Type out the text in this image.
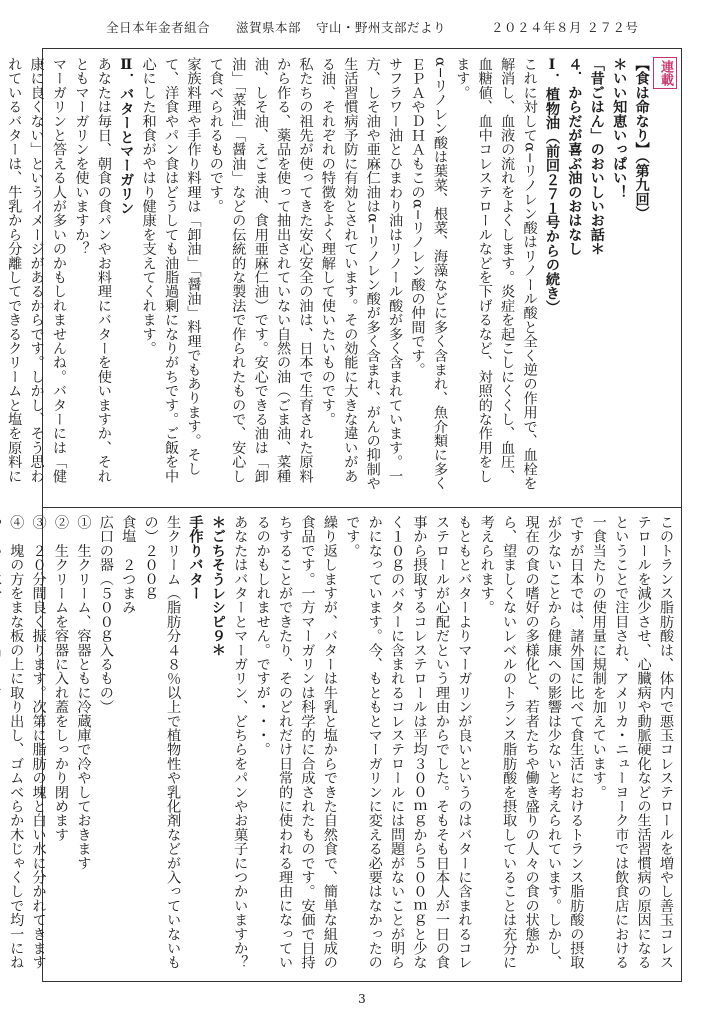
全日本年金者組合 滋賀県本部 守山・野州支部だより	２０２４年８月 ２７２号

連載

【食は命なり】（第九回）

＊いい知恵いっぱい！

「昔ごはん」のおいしいお話＊

４．からだが喜ぶ油のおはなし

Ⅰ．植物油（前回２７１号からの続き）

これに対してα−リノレン酸はリノール酸と全く逆の作用で、血栓を解消し、血液の流れをよくします。炎症を起こしにくくし、血圧、血糖値、血中コレステロールなどを下げるなど、対照的な作用をします。

α−リノレン酸は葉菜、根菜、海藻などに多く含まれ、魚介類に多くＥＰＡやＤＨＡもこのα−リノレン酸の仲間です。

サフラワー油とひまわり油はリノール酸が多く含まれています。一方、しそ油や亜麻仁油はα−リノレン酸が多く含まれ、がんの抑制や生活習慣病予防に有効とされています。その効能に大きな違いがある油、それぞれの特徴をよく理解して使いたいものです。

私たちの祖先が使ってきた安心安全の油は、日本で生育された原料から作る、薬品を使って抽出されていない自然の油（ごま油、菜種油、しそ油、えごま油、食用亜麻仁油）です。安心できる油は「卸油」「菜油」「醤油」などの伝統的な製法で作られたもので、安心して食べられるものです。

家族料理や手作り料理は「卸油」「醤油」料理でもあります。そして、洋食やパン食はどうしても油脂過剰になりがちです。ご飯を中心にした和食がやはり健康を支えてくれます。

Ⅱ．バターとマーガリン

あなたは毎日、朝食の食パンやお料理にバターを使いますか、それともマーガリンを使いますか？

マーガリンと答える人が多いのかもしれませんね。バターには「健康に良くない」というイメージがあるからです。しかし、そう思われているバターは、牛乳から分離してできるクリームと塩を原料に

このトランス脂肪酸は、体内で悪玉コレステロールを増やし善玉コレステロールを減少させ、心臓病や動脈硬化などの生活習慣病の原因になるということで注目され、アメリカ・ニューヨーク市では飲食店における一食当たりの使用量に規制を加えています。

ですが日本では、諸外国に比べて食生活におけるトランス脂肪酸の摂取が少ないことから健康への影響は少ないと考えられています。しかし、現在の食の嗜好の多様化と、若者たちや働き盛りの人々の食の状態から、望ましくないレベルのトランス脂肪酸を摂取していることは充分に考えられます。

もともとバターよりマーガリンが良いというのはバターに含まれるコレステロールが心配だという理由からでした。そもそも日本人が一日の食事から摂取するコレステロールは平均３００ｍｇから５００ｍｇと少なく１０ｇのバターに含まれるコレステロールには問題がないことが明らかになっています。今、もともとマーガリンに変える必要はなかったのです。

繰り返しますが、バターは牛乳と塩からできた自然食で、簡単な組成の食品です。一方マーガリンは科学的に合成されたものです。安価で日持ちすることができたり、そのどれだけ日常的に使われる理由になっているのかもしれません。ですが・・・。

あなたはバターとマーガリン、どちらをパンやお菓子につかいますか？

＊ごちそうレシピ９＊

手作りバター

生クリーム（脂肪分４８％以上で植物性や乳化剤などが入っていないもの）２００ｇ

食塩　２つまみ

広口の器（５００ｇ入るもの）

①　生クリーム、容器ともに冷蔵庫で冷やしておきます

②　生クリームを容器に入れ蓋をしっかり閉めます

③　２０分間良く振ります。次第に脂肪の塊と白い水に分かれてきます

④　塊の方をまな板の上に取り出し、ゴムべらか木じゃくしで均一にね

3
